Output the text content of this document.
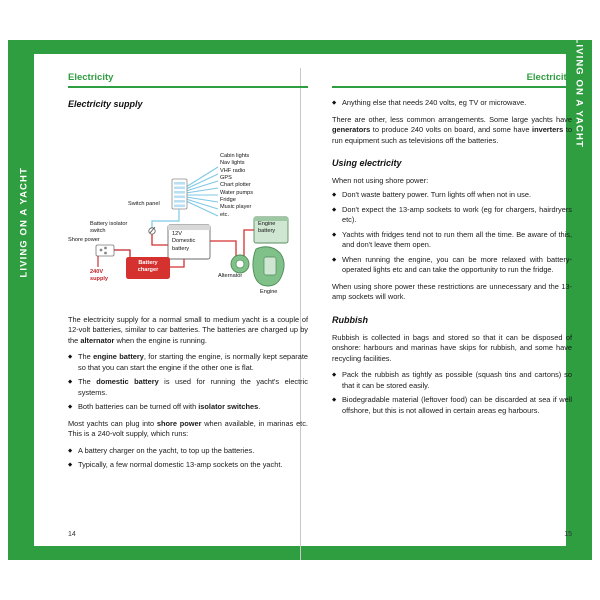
LIVING ON A YACHT
LIVING ON A YACHT
Electricity
Electricity supply
Cabin lights
Nav lights
VHF radio
GPS
Chart plotter
Water pumps
Fridge
Music player
etc.
Switch panel
Battery isolator
switch
Shore power
240V
supply
Battery
charger
12V
Domestic
battery
Engine
battery
Alternator
Engine

The electricity supply for a normal small to medium yacht is a couple of 12-volt batteries, similar to car batteries. The batteries are charged up by the alternator when the engine is running.

◆ The engine battery, for starting the engine, is normally kept separate so that you can start the engine if the other one is flat.
◆ The domestic battery is used for running the yacht's electric systems.
◆ Both batteries can be turned off with isolator switches.

Most yachts can plug into shore power when available, in marinas etc. This is a 240-volt supply, which runs:

◆ A battery charger on the yacht, to top up the batteries.
◆ Typically, a few normal domestic 13-amp sockets on the yacht.
14
Electricity
◆ Anything else that needs 240 volts, eg TV or microwave.

There are other, less common arrangements. Some large yachts have generators to produce 240 volts on board, and some have inverters to run equipment such as televisions off the batteries.

Using electricity

When not using shore power:

◆ Don't waste battery power. Turn lights off when not in use.
◆ Don't expect the 13-amp sockets to work (eg for chargers, hairdryers etc).
◆ Yachts with fridges tend not to run them all the time. Be aware of this, and don't leave them open.
◆ When running the engine, you can be more relaxed with battery-operated lights etc and can take the opportunity to run the fridge.

When using shore power these restrictions are unnecessary and the 13-amp sockets will work.

Rubbish

Rubbish is collected in bags and stored so that it can be disposed of onshore: harbours and marinas have skips for rubbish, and some have recycling facilities.

◆ Pack the rubbish as tightly as possible (squash tins and cartons) so that it can be stored easily.
◆ Biodegradable material (leftover food) can be discarded at sea if well offshore, but this is not allowed in certain areas eg harbours.
15
